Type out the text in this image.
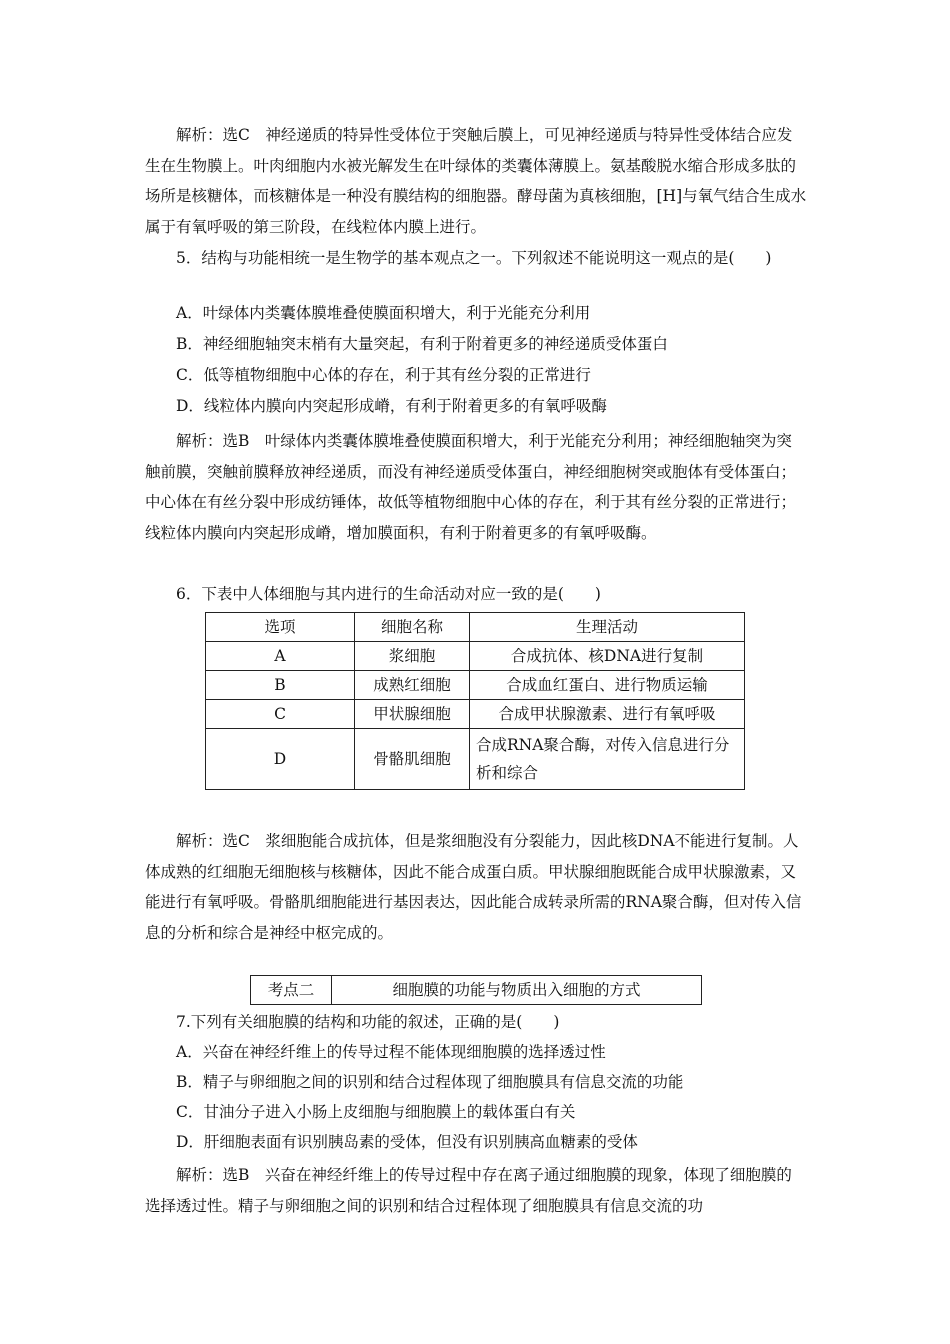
解析：选C　神经递质的特异性受体位于突触后膜上，可见神经递质与特异性受体结合应发生在生物膜上。叶肉细胞内水被光解发生在叶绿体的类囊体薄膜上。氨基酸脱水缩合形成多肽的场所是核糖体，而核糖体是一种没有膜结构的细胞器。酵母菌为真核细胞，[H]与氧气结合生成水属于有氧呼吸的第三阶段，在线粒体内膜上进行。

5．结构与功能相统一是生物学的基本观点之一。下列叙述不能说明这一观点的是(　　)

A．叶绿体内类囊体膜堆叠使膜面积增大，利于光能充分利用
B．神经细胞轴突末梢有大量突起，有利于附着更多的神经递质受体蛋白
C．低等植物细胞中心体的存在，利于其有丝分裂的正常进行
D．线粒体内膜向内突起形成嵴，有利于附着更多的有氧呼吸酶

解析：选B　叶绿体内类囊体膜堆叠使膜面积增大，利于光能充分利用；神经细胞轴突为突触前膜，突触前膜释放神经递质，而没有神经递质受体蛋白，神经细胞树突或胞体有受体蛋白；中心体在有丝分裂中形成纺锤体，故低等植物细胞中心体的存在，利于其有丝分裂的正常进行；线粒体内膜向内突起形成嵴，增加膜面积，有利于附着更多的有氧呼吸酶。

6．下表中人体细胞与其内进行的生命活动对应一致的是(　　)
选项	细胞名称	生理活动
A	浆细胞	合成抗体、核DNA进行复制
B	成熟红细胞	合成血红蛋白、进行物质运输
C	甲状腺细胞	合成甲状腺激素、进行有氧呼吸
D	骨骼肌细胞	合成RNA聚合酶，对传入信息进行分析和综合

解析：选C　浆细胞能合成抗体，但是浆细胞没有分裂能力，因此核DNA不能进行复制。人体成熟的红细胞无细胞核与核糖体，因此不能合成蛋白质。甲状腺细胞既能合成甲状腺激素，又能进行有氧呼吸。骨骼肌细胞能进行基因表达，因此能合成转录所需的RNA聚合酶，但对传入信息的分析和综合是神经中枢完成的。

考点二	细胞膜的功能与物质出入细胞的方式
7.下列有关细胞膜的结构和功能的叙述，正确的是(　　)
A．兴奋在神经纤维上的传导过程不能体现细胞膜的选择透过性
B．精子与卵细胞之间的识别和结合过程体现了细胞膜具有信息交流的功能
C．甘油分子进入小肠上皮细胞与细胞膜上的载体蛋白有关
D．肝细胞表面有识别胰岛素的受体，但没有识别胰高血糖素的受体

解析：选B　兴奋在神经纤维上的传导过程中存在离子通过细胞膜的现象，体现了细胞膜的选择透过性。精子与卵细胞之间的识别和结合过程体现了细胞膜具有信息交流的功
